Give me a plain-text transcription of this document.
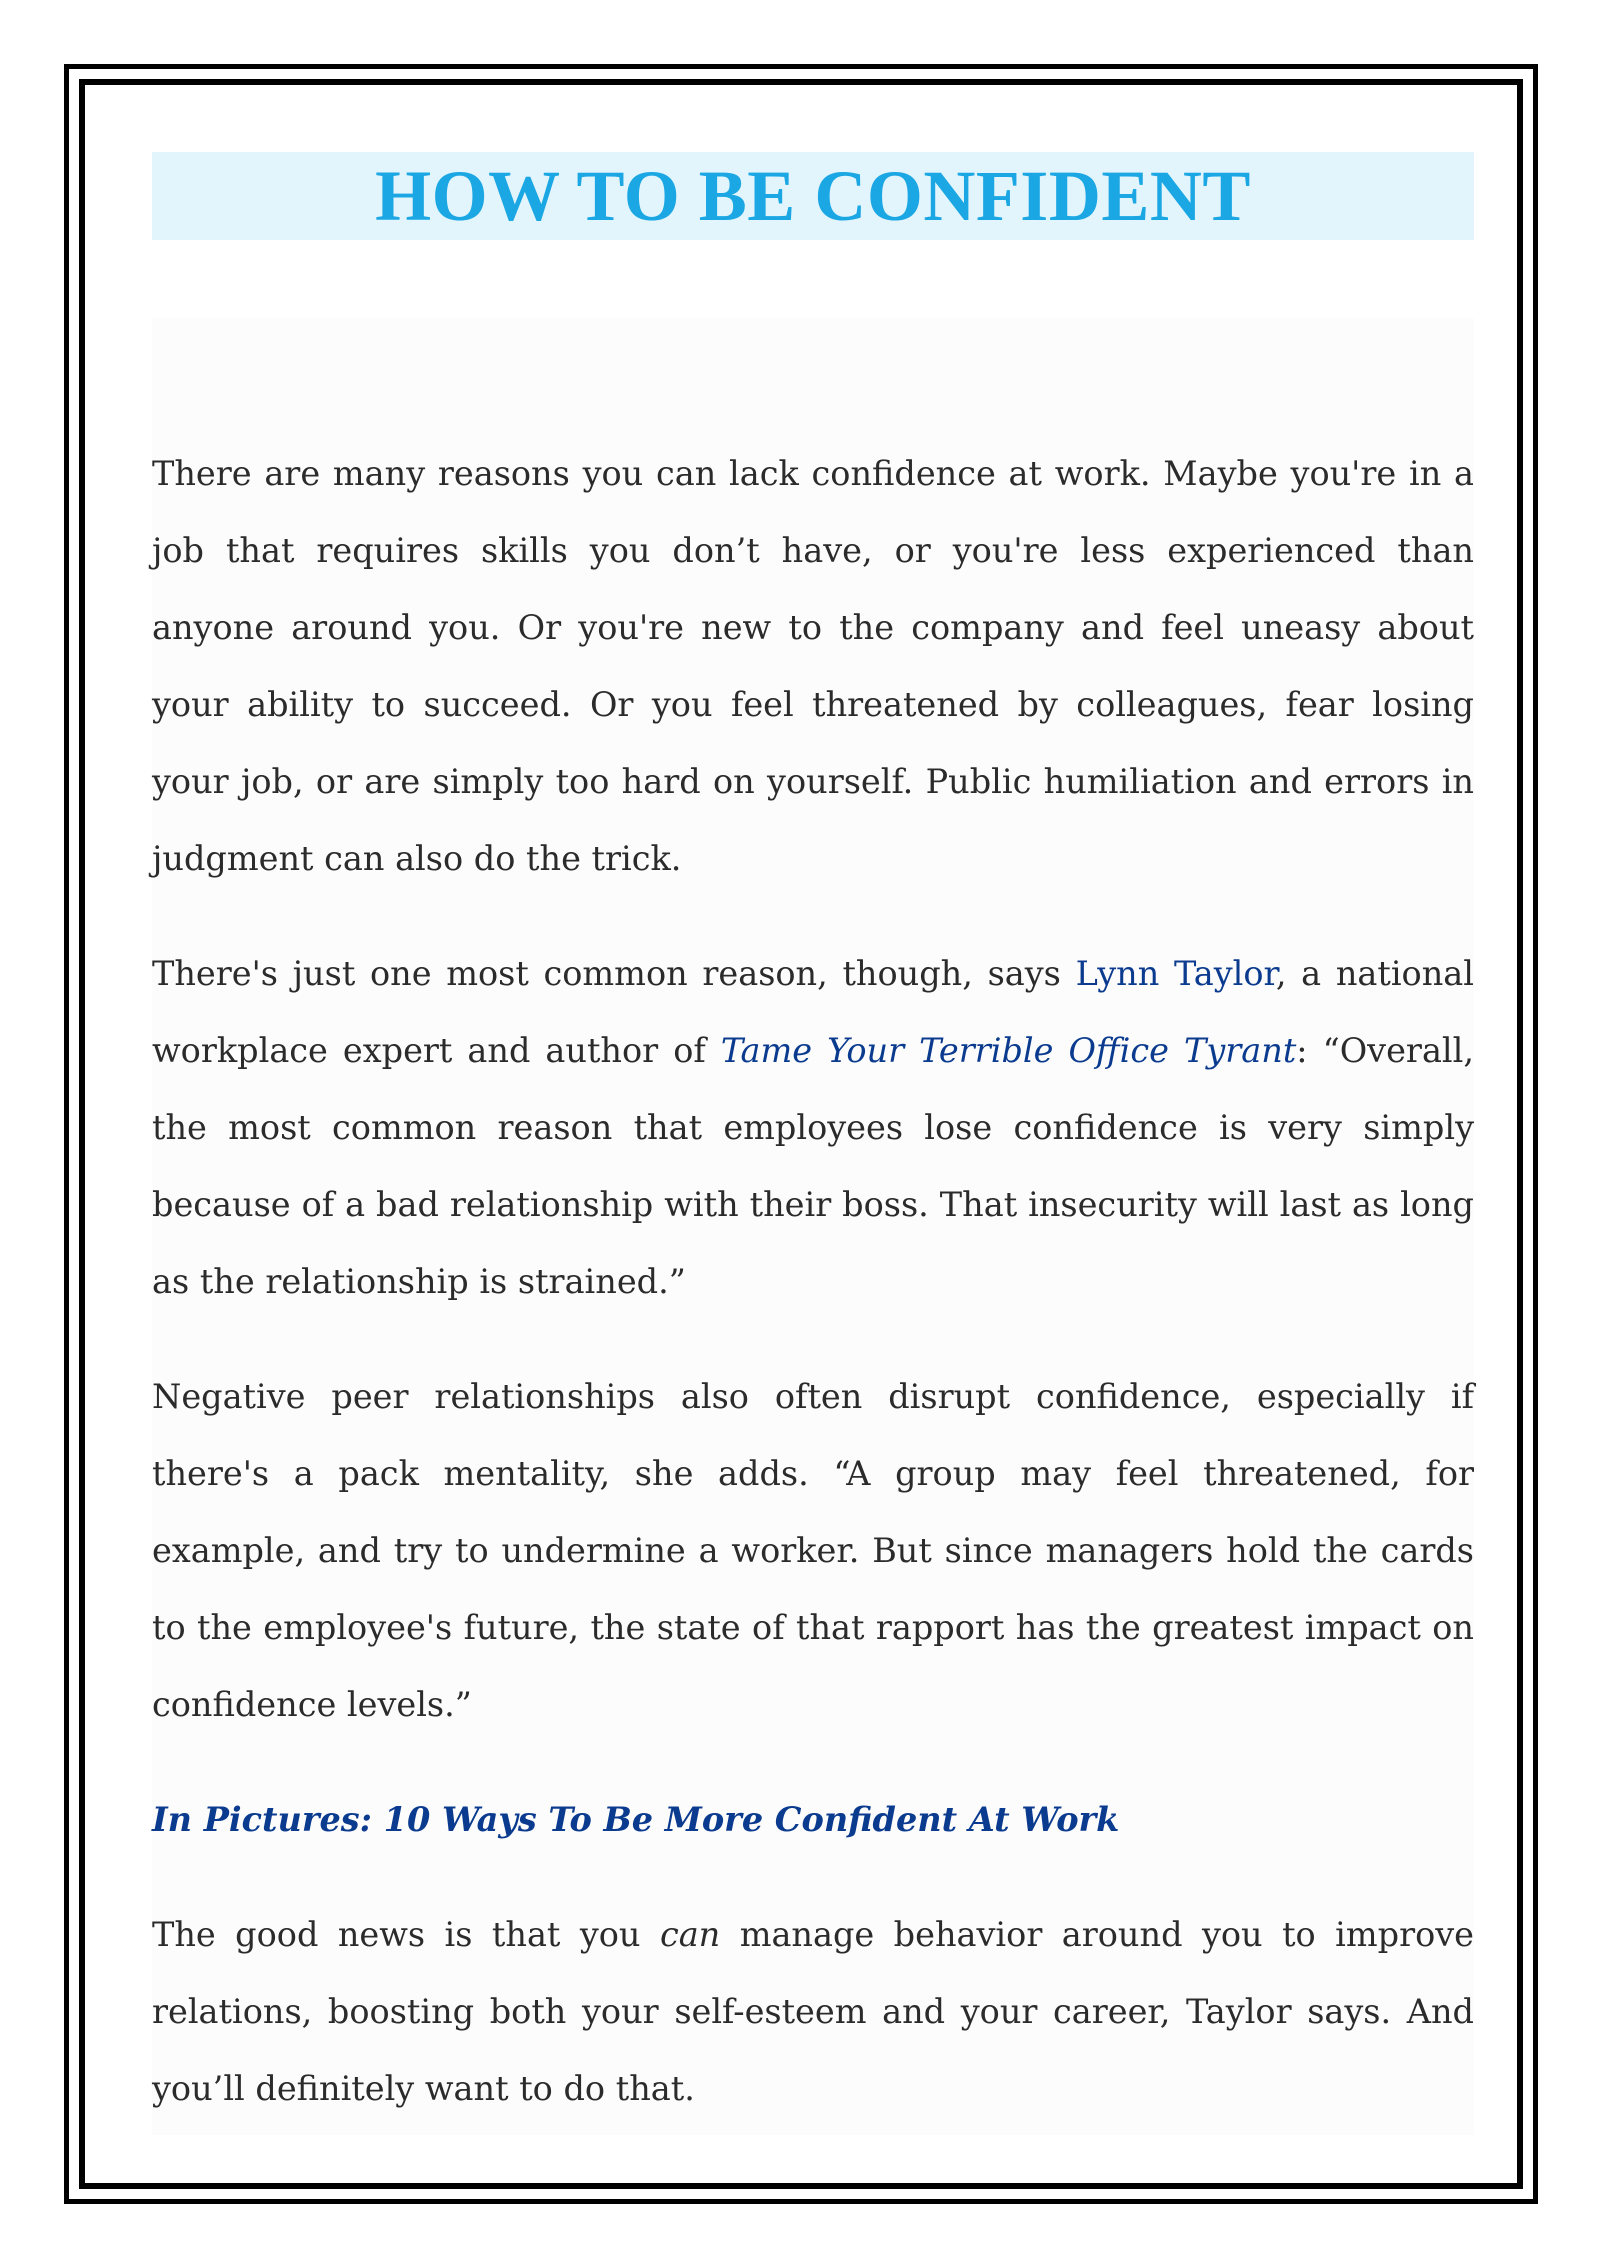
HOW TO BE CONFIDENT

There are many reasons you can lack confidence at work. Maybe you're in a job that requires skills you don’t have, or you're less experienced than anyone around you. Or you're new to the company and feel uneasy about your ability to succeed. Or you feel threatened by colleagues, fear losing your job, or are simply too hard on yourself. Public humiliation and errors in judgment can also do the trick.

There's just one most common reason, though, says Lynn Taylor, a national workplace expert and author of Tame Your Terrible Office Tyrant: “Overall, the most common reason that employees lose confidence is very simply because of a bad relationship with their boss. That insecurity will last as long as the relationship is strained.”

Negative peer relationships also often disrupt confidence, especially if there's a pack mentality, she adds. “A group may feel threatened, for example, and try to undermine a worker. But since managers hold the cards to the employee's future, the state of that rapport has the greatest impact on confidence levels.”

In Pictures: 10 Ways To Be More Confident At Work

The good news is that you can manage behavior around you to improve relations, boosting both your self-esteem and your career, Taylor says. And you’ll definitely want to do that.
